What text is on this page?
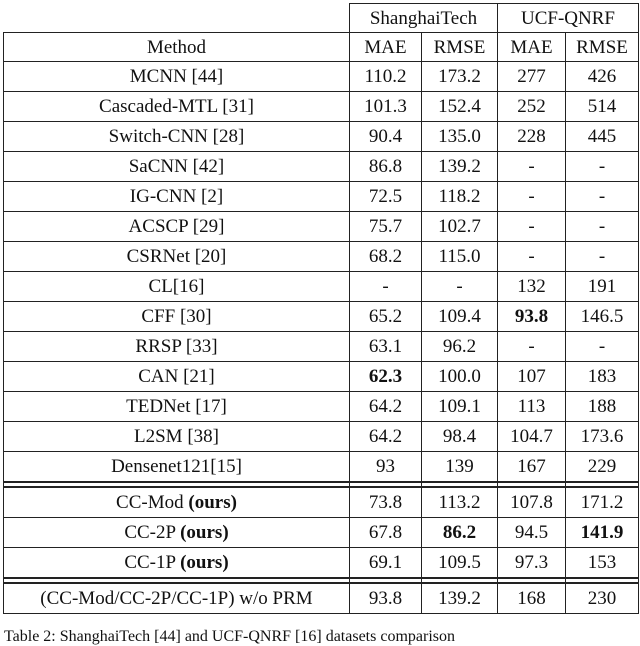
	ShanghaiTech		UCF-QNRF	
Method	MAE	RMSE	MAE	RMSE
MCNN [44]	110.2	173.2	277	426
Cascaded-MTL [31]	101.3	152.4	252	514
Switch-CNN [28]	90.4	135.0	228	445
SaCNN [42]	86.8	139.2	-	-
IG-CNN [2]	72.5	118.2	-	-
ACSCP [29]	75.7	102.7	-	-
CSRNet [20]	68.2	115.0	-	-
CL[16]	-	-	132	191
CFF [30]	65.2	109.4	93.8	146.5
RRSP [33]	63.1	96.2	-	-
CAN [21]	62.3	100.0	107	183
TEDNet [17]	64.2	109.1	113	188
L2SM [38]	64.2	98.4	104.7	173.6
Densenet121[15]	93	139	167	229

CC-Mod (ours)	73.8	113.2	107.8	171.2
CC-2P (ours)	67.8	86.2	94.5	141.9
CC-1P (ours)	69.1	109.5	97.3	153

(CC-Mod/CC-2P/CC-1P) w/o PRM	93.8	139.2	168	230
Table 2: ShanghaiTech [44] and UCF-QNRF [16] datasets comparison
